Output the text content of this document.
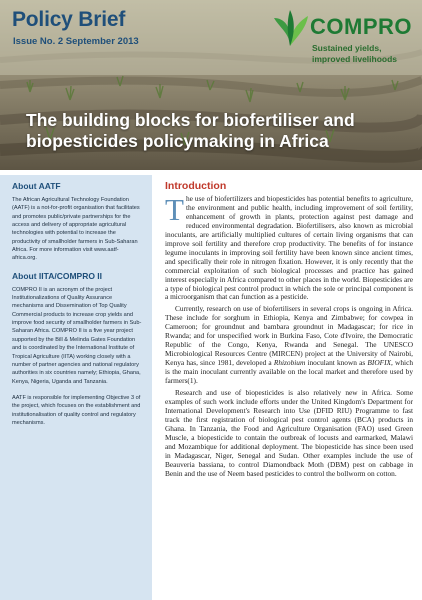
Policy Brief
Issue No. 2 September 2013
COMPRO
Sustained yields,
improved livelihoods
The building blocks for biofertiliser and biopesticides policymaking in Africa
About AATF
The African Agricultural Technology Foundation (AATF) is a not-for-profit organisation that facilitates and promotes public/private partnerships for the access and delivery of appropriate agricultural technologies with potential to increase the productivity of smallholder farmers in Sub-Saharan Africa. For more information visit www.aatf-africa.org.
About IITA/COMPRO II
COMPRO II is an acronym of the project Institutionalizations of Quality Assurance mechanisms and Dissemination of Top Quality Commercial products to increase crop yields and improve food security of smallholder farmers in Sub-Saharan Africa. COMPRO II is a five year project supported by the Bill & Melinda Gates Foundation and is coordinated by the International Institute of Tropical Agriculture (IITA) working closely with a number of partner agencies and national regulatory authorities in six countries namely; Ethiopia, Ghana, Kenya, Nigeria, Uganda and Tanzania.
AATF is responsible for implementing Objective 3 of the project, which focuses on the establishment and institutionalisation of quality control and regulatory mechanisms.
Introduction

The use of biofertilizers and biopesticides has potential benefits to agriculture, the environment and public health, including improvement of soil fertility, enhancement of growth in plants, protection against pest damage and reduced environmental degradation. Biofertilisers, also known as microbial inoculants, are artificially multiplied cultures of certain living organisms that can improve soil fertility and therefore crop productivity. The benefits of for instance legume inoculants in improving soil fertility have been known since ancient times, and specifically their role in nitrogen fixation. However, it is only recently that the commercial exploitation of such biological processes and practice has gained interest especially in Africa compared to other places in the world. Biopesticides are a type of biological pest control product in which the sole or principal component is a microorganism that can function as a pesticide.

Currently, research on use of biofertilisers in several crops is ongoing in Africa. These include for sorghum in Ethiopia, Kenya and Zimbabwe; for cowpea in Cameroon; for groundnut and bambara groundnut in Madagascar; for rice in Rwanda; and for unspecified work in Burkina Faso, Cote d'Ivoire, the Democratic Republic of the Congo, Kenya, Rwanda and Senegal. The UNESCO Microbiological Resources Centre (MIRCEN) project at the University of Nairobi, Kenya has, since 1981, developed a Rhizobium inoculant known as BIOFIX, which is the main inoculant currently available on the local market and therefore used by farmers(1).

Research and use of biopesticides is also relatively new in Africa. Some examples of such work include efforts under the United Kingdom's Department for International Development's Research into Use (DFID RIU) Programme to fast track the first registration of biological pest control agents (BCA) products in Ghana. In Tanzania, the Food and Agriculture Organisation (FAO) used Green Muscle, a biopesticide to contain the outbreak of locusts and earmarked, Malawi and Mozambique for additional deployment. The biopesticide has since been used in Madagascar, Niger, Senegal and Sudan. Other examples include the use of Beauveria bassiana, to control Diamondback Moth (DBM) pest on cabbage in Benin and the use of Neem based pesticides to control the bollworm on cotton.
